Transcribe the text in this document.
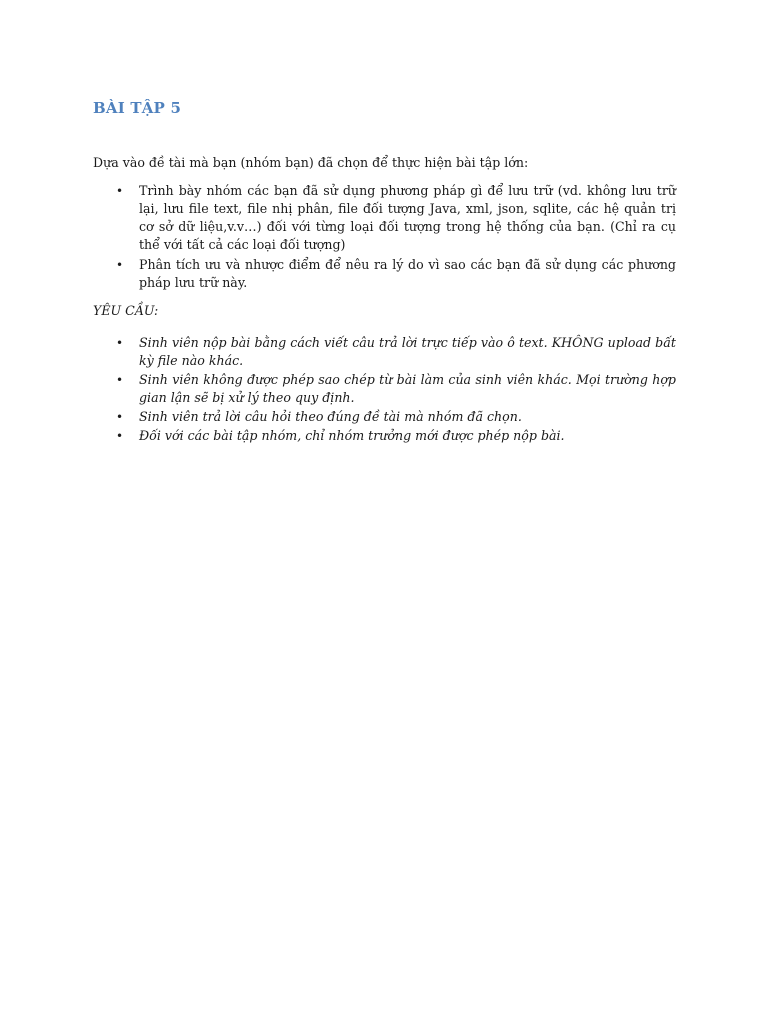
BÀI TẬP 5

Dựa vào đề tài mà bạn (nhóm bạn) đã chọn để thực hiện bài tập lớn:

• Trình bày nhóm các bạn đã sử dụng phương pháp gì để lưu trữ (vd. không lưu trữ lại, lưu file text, file nhị phân, file đối tượng Java, xml, json, sqlite, các hệ quản trị cơ sở dữ liệu,v.v…) đối với từng loại đối tượng trong hệ thống của bạn. (Chỉ ra cụ thể với tất cả các loại đối tượng)
• Phân tích ưu và nhược điểm để nêu ra lý do vì sao các bạn đã sử dụng các phương pháp lưu trữ này.

YÊU CẦU:

• Sinh viên nộp bài bằng cách viết câu trả lời trực tiếp vào ô text. KHÔNG upload bất kỳ file nào khác.
• Sinh viên không được phép sao chép từ bài làm của sinh viên khác. Mọi trường hợp gian lận sẽ bị xử lý theo quy định.
• Sinh viên trả lời câu hỏi theo đúng đề tài mà nhóm đã chọn.
• Đối với các bài tập nhóm, chỉ nhóm trưởng mới được phép nộp bài.
